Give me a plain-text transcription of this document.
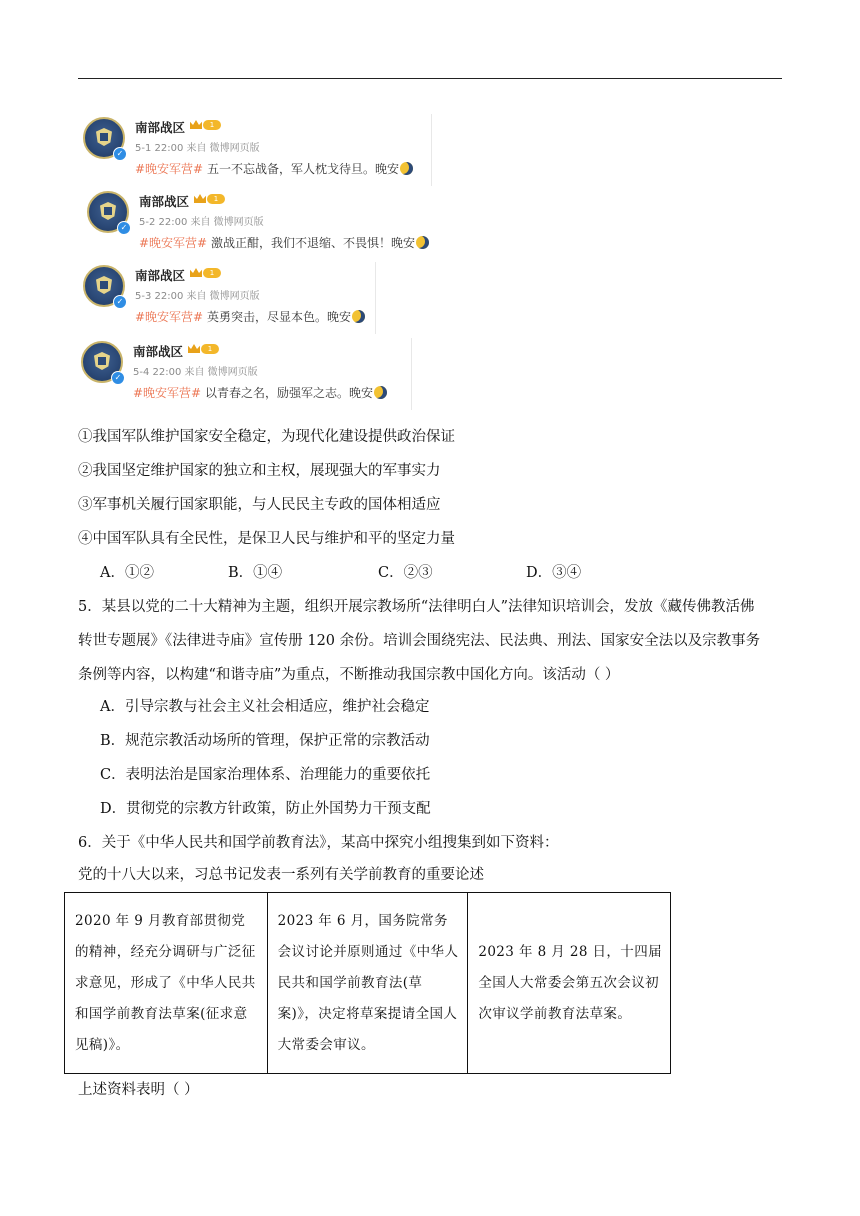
✓
南部战区	1
5-1 22:00 来自 微博网页版
#晚安军营# 五一不忘战备，军人枕戈待旦。晚安
✓
南部战区	1
5-2 22:00 来自 微博网页版
#晚安军营# 激战正酣，我们不退缩、不畏惧！晚安
✓
南部战区	1
5-3 22:00 来自 微博网页版
#晚安军营# 英勇突击，尽显本色。晚安
✓
南部战区	1
5-4 22:00 来自 微博网页版
#晚安军营# 以青春之名，励强军之志。晚安
①我国军队维护国家安全稳定，为现代化建设提供政治保证
②我国坚定维护国家的独立和主权，展现强大的军事实力
③军事机关履行国家职能，与人民民主专政的国体相适应
④中国军队具有全民性，是保卫人民与维护和平的坚定力量
A．①②	B．①④	C．②③	D．③④
5．某县以党的二十大精神为主题，组织开展宗教场所“法律明白人”法律知识培训会，发放《藏传佛教活佛
转世专题展》《法律进寺庙》宣传册 120 余份。培训会围绕宪法、民法典、刑法、国家安全法以及宗教事务
条例等内容，以构建“和谐寺庙”为重点，不断推动我国宗教中国化方向。该活动（ ）
A．引导宗教与社会主义社会相适应，维护社会稳定
B．规范宗教活动场所的管理，保护正常的宗教活动
C．表明法治是国家治理体系、治理能力的重要依托
D．贯彻党的宗教方针政策，防止外国势力干预支配
6．关于《中华人民共和国学前教育法》，某高中探究小组搜集到如下资料：
党的十八大以来，习总书记发表一系列有关学前教育的重要论述
2020 年 9 月教育部贯彻党的精神，经充分调研与广泛征求意见，形成了《中华人民共和国学前教育法草案(征求意见稿)》。	2023 年 6 月，国务院常务会议讨论并原则通过《中华人民共和国学前教育法(草案)》，决定将草案提请全国人大常委会审议。	2023 年 8 月 28 日，十四届全国人大常委会第五次会议初次审议学前教育法草案。
上述资料表明（ ）
